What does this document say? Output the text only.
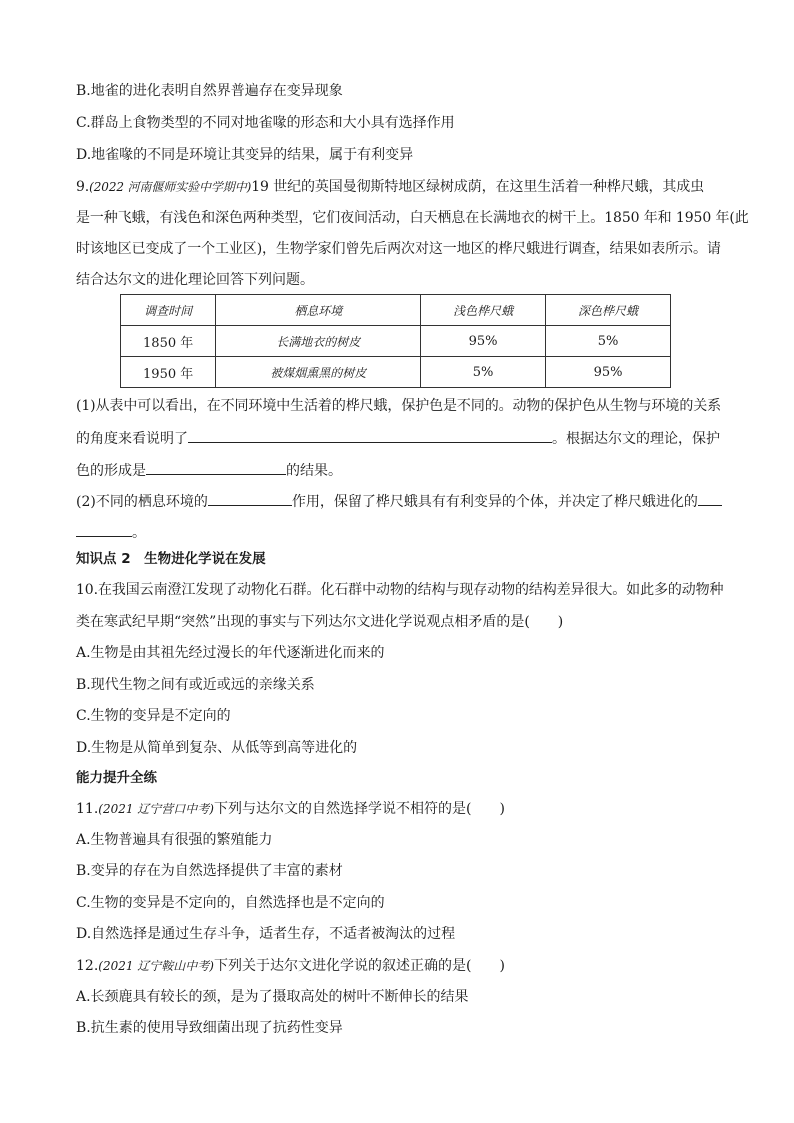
B.地雀的进化表明自然界普遍存在变异现象
C.群岛上食物类型的不同对地雀喙的形态和大小具有选择作用
D.地雀喙的不同是环境让其变异的结果，属于有利变异
9.(2022 河南偃师实验中学期中)19 世纪的英国曼彻斯特地区绿树成荫，在这里生活着一种桦尺蛾，其成虫
是一种飞蛾，有浅色和深色两种类型，它们夜间活动，白天栖息在长满地衣的树干上。1850 年和 1950 年(此
时该地区已变成了一个工业区)，生物学家们曾先后两次对这一地区的桦尺蛾进行调查，结果如表所示。请
结合达尔文的进化理论回答下列问题。
调查时间	栖息环境	浅色桦尺蛾	深色桦尺蛾
1850 年	长满地衣的树皮	95%	5%
1950 年	被煤烟熏黑的树皮	5%	95%
(1)从表中可以看出，在不同环境中生活着的桦尺蛾，保护色是不同的。动物的保护色从生物与环境的关系
的角度来看说明了	。根据达尔文的理论，保护
色的形成是	的结果。
(2)不同的栖息环境的	作用，保留了桦尺蛾具有有利变异的个体，并决定了桦尺蛾进化的
。
知识点 2　生物进化学说在发展
10.在我国云南澄江发现了动物化石群。化石群中动物的结构与现存动物的结构差异很大。如此多的动物种
类在寒武纪早期“突然”出现的事实与下列达尔文进化学说观点相矛盾的是(　　)
A.生物是由其祖先经过漫长的年代逐渐进化而来的
B.现代生物之间有或近或远的亲缘关系
C.生物的变异是不定向的
D.生物是从简单到复杂、从低等到高等进化的
能力提升全练
11.(2021 辽宁营口中考)下列与达尔文的自然选择学说不相符的是(　　)
A.生物普遍具有很强的繁殖能力
B.变异的存在为自然选择提供了丰富的素材
C.生物的变异是不定向的，自然选择也是不定向的
D.自然选择是通过生存斗争，适者生存，不适者被淘汰的过程
12.(2021 辽宁鞍山中考)下列关于达尔文进化学说的叙述正确的是(　　)
A.长颈鹿具有较长的颈，是为了摄取高处的树叶不断伸长的结果
B.抗生素的使用导致细菌出现了抗药性变异
